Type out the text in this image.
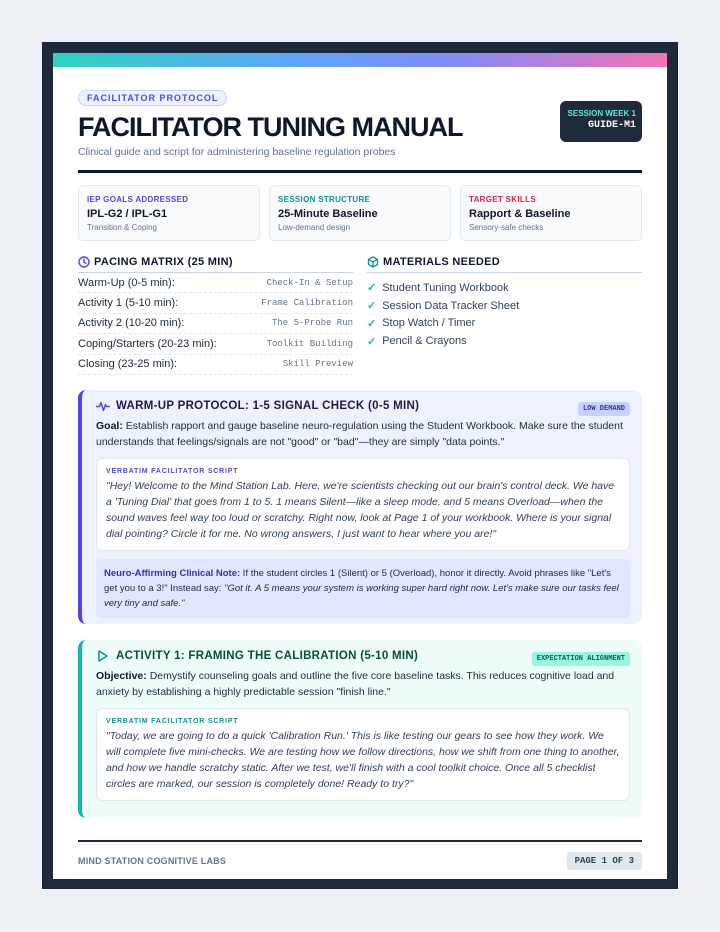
FACILITATOR PROTOCOL
FACILITATOR TUNING MANUAL
Clinical guide and script for administering baseline regulation probes
SESSION WEEK 1
GUIDE-M1
IEP GOALS ADDRESSED
IPL-G2 / IPL-G1
Transition & Coping
SESSION STRUCTURE
25-Minute Baseline
Low-demand design
TARGET SKILLS
Rapport & Baseline
Sensory-safe checks
PACING MATRIX (25 MIN)
Warm-Up (0-5 min):	Check-In & Setup
Activity 1 (5-10 min):	Frame Calibration
Activity 2 (10-20 min):	The 5-Probe Run
Coping/Starters (20-23 min):	Toolkit Building
Closing (23-25 min):	Skill Preview
MATERIALS NEEDED
✓ Student Tuning Workbook
✓ Session Data Tracker Sheet
✓ Stop Watch / Timer
✓ Pencil & Crayons
WARM-UP PROTOCOL: 1-5 SIGNAL CHECK (0-5 MIN)	LOW DEMAND
Goal: Establish rapport and gauge baseline neuro-regulation using the Student Workbook. Make sure the student understands that feelings/signals are not "good" or "bad"—they are simply "data points."
VERBATIM FACILITATOR SCRIPT
"Hey! Welcome to the Mind Station Lab. Here, we're scientists checking out our brain's control deck. We have a 'Tuning Dial' that goes from 1 to 5. 1 means Silent—like a sleep mode, and 5 means Overload—when the sound waves feel way too loud or scratchy. Right now, look at Page 1 of your workbook. Where is your signal dial pointing? Circle it for me. No wrong answers, I just want to hear where you are!"
Neuro-Affirming Clinical Note: If the student circles 1 (Silent) or 5 (Overload), honor it directly. Avoid phrases like "Let's get you to a 3!" Instead say: "Got it. A 5 means your system is working super hard right now. Let's make sure our tasks feel very tiny and safe."
ACTIVITY 1: FRAMING THE CALIBRATION (5-10 MIN)	EXPECTATION ALIGNMENT
Objective: Demystify counseling goals and outline the five core baseline tasks. This reduces cognitive load and anxiety by establishing a highly predictable session "finish line."
VERBATIM FACILITATOR SCRIPT
"Today, we are going to do a quick 'Calibration Run.' This is like testing our gears to see how they work. We will complete five mini-checks. We are testing how we follow directions, how we shift from one thing to another, and how we handle scratchy static. After we test, we'll finish with a cool toolkit choice. Once all 5 checklist circles are marked, our session is completely done! Ready to try?"
MIND STATION COGNITIVE LABS	PAGE 1 OF 3
